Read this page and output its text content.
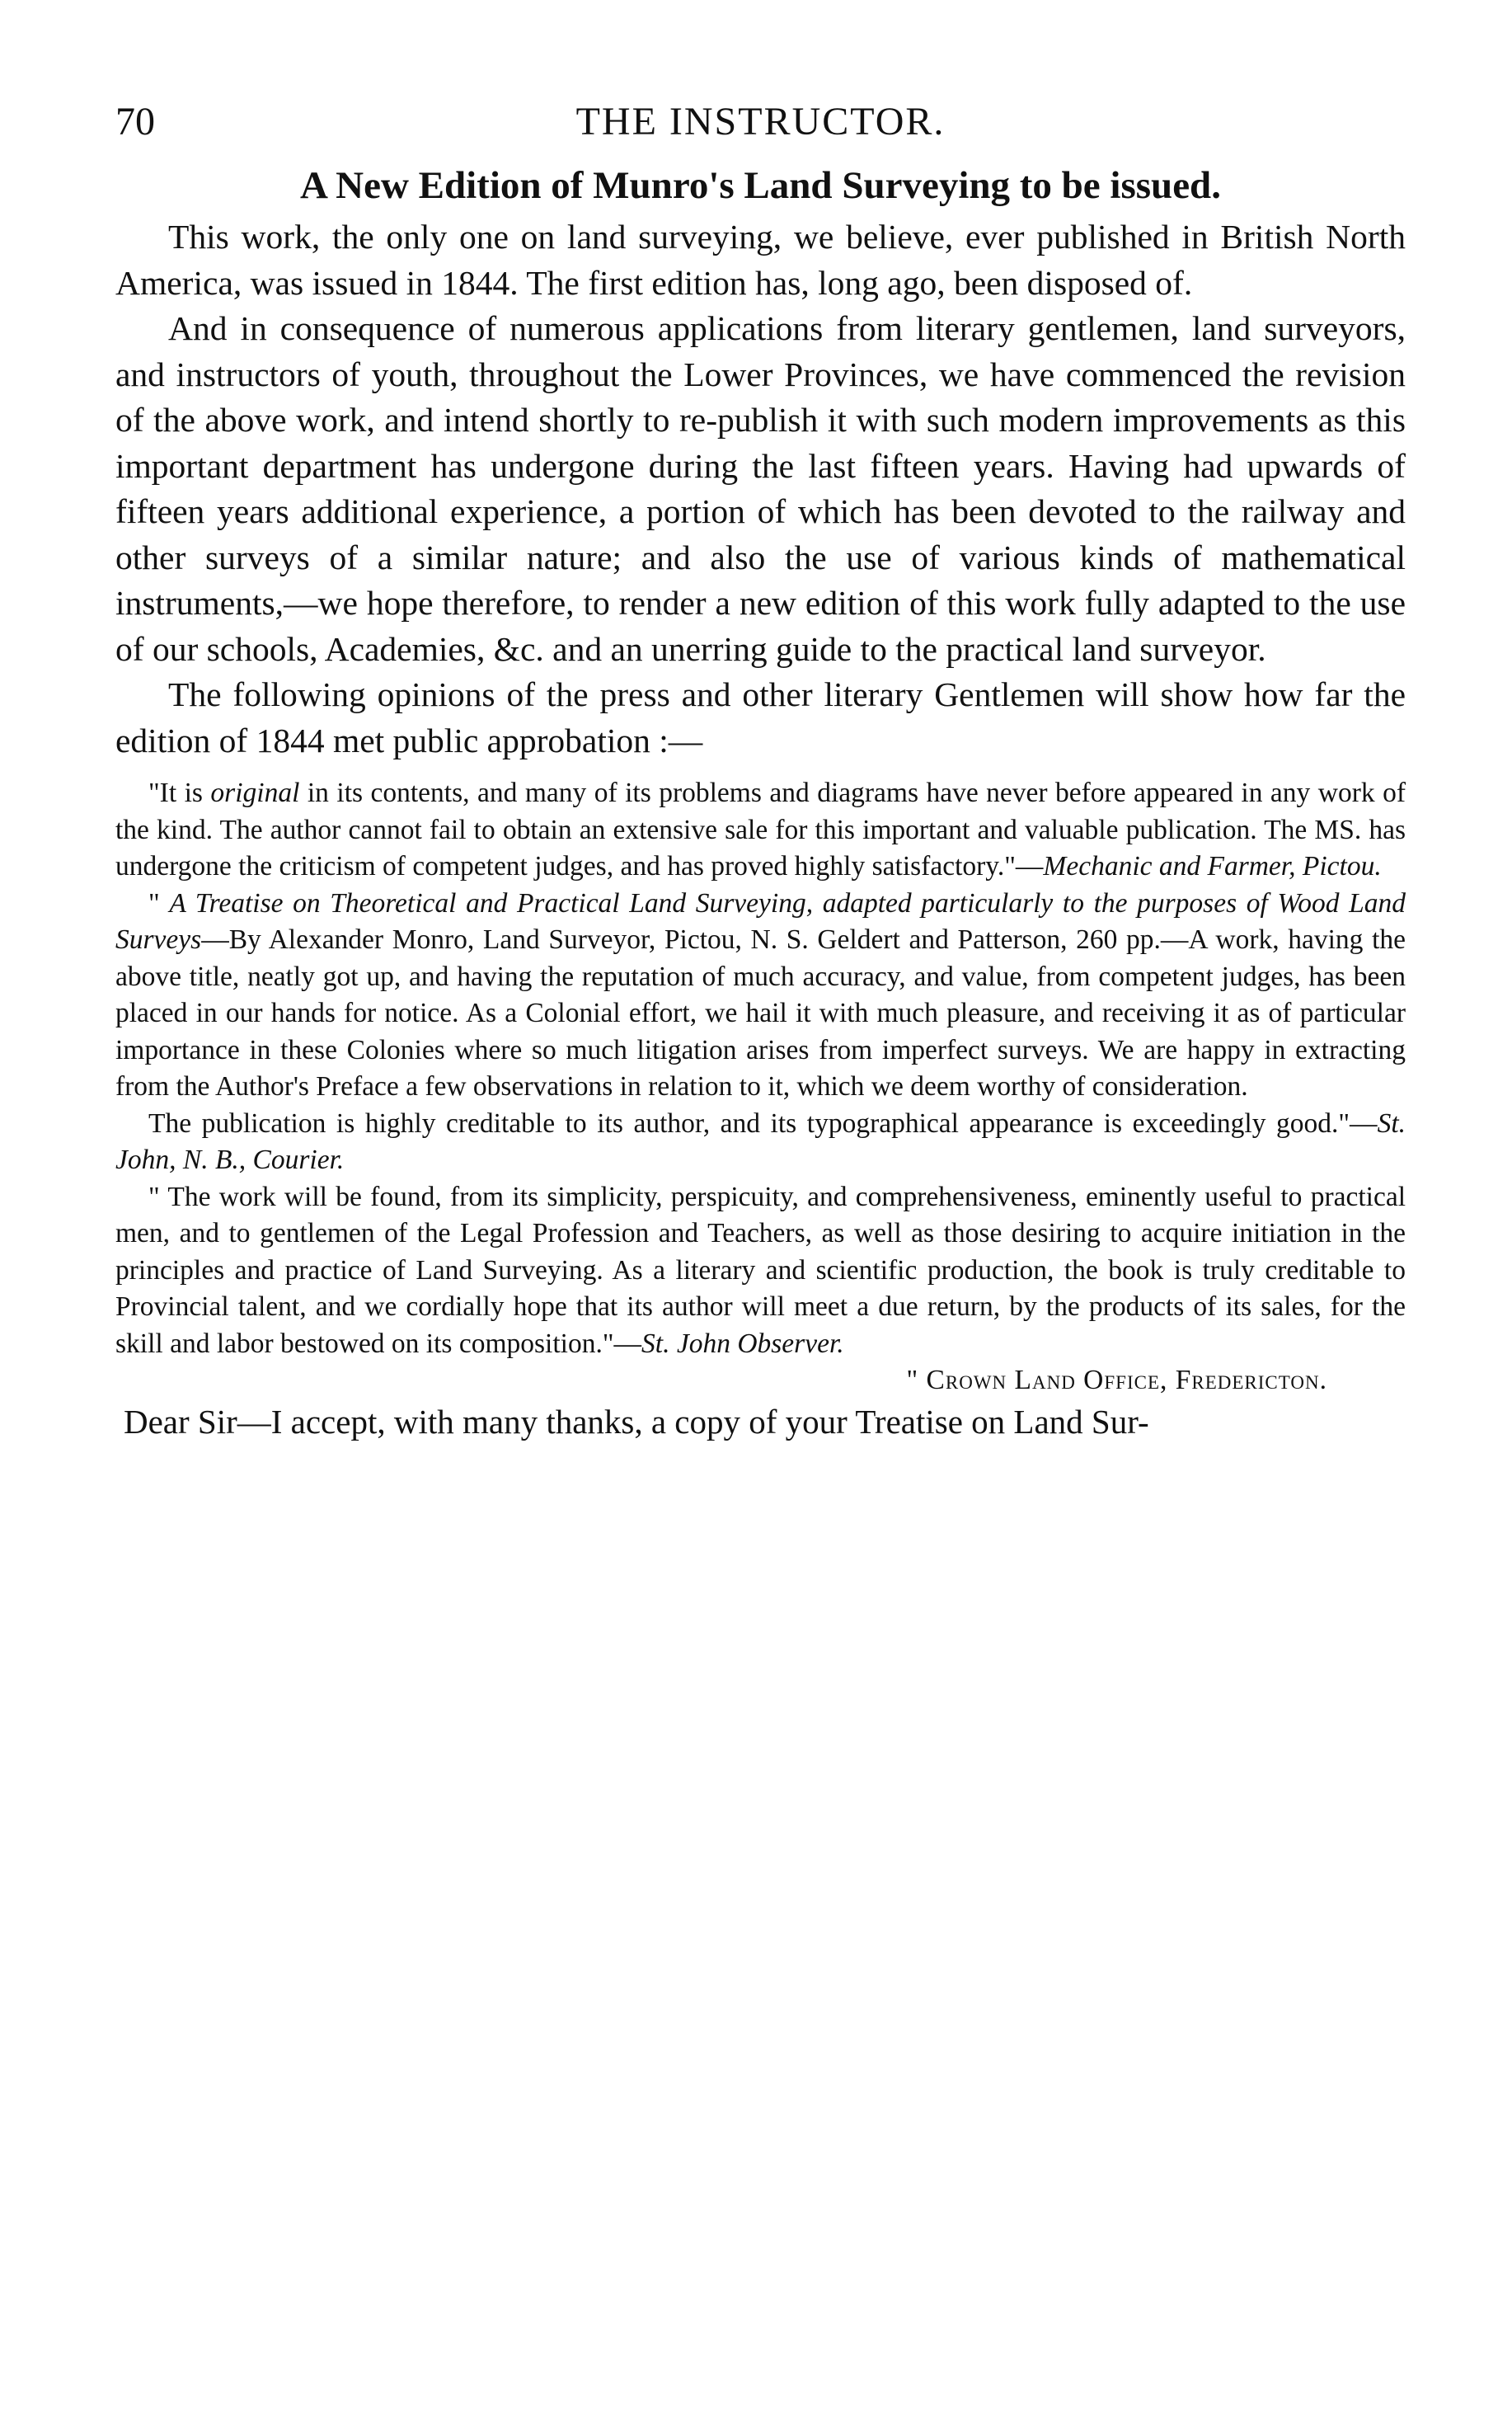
70	THE INSTRUCTOR.
A New Edition of Munro's Land Surveying to be issued.

This work, the only one on land surveying, we believe, ever published in British North America, was issued in 1844. The first edition has, long ago, been disposed of.

And in consequence of numerous applications from literary gentlemen, land surveyors, and instructors of youth, throughout the Lower Provinces, we have commenced the revision of the above work, and intend shortly to re-publish it with such modern improvements as this important department has undergone during the last fifteen years. Having had upwards of fifteen years additional experience, a portion of which has been devoted to the railway and other surveys of a similar nature; and also the use of various kinds of mathematical instruments,—we hope therefore, to render a new edition of this work fully adapted to the use of our schools, Academies, &c. and an unerring guide to the practical land surveyor.

The following opinions of the press and other literary Gentlemen will show how far the edition of 1844 met public approbation :—

"It is original in its contents, and many of its problems and diagrams have never before appeared in any work of the kind. The author cannot fail to obtain an extensive sale for this important and valuable publication. The MS. has undergone the criticism of competent judges, and has proved highly satisfactory."—Mechanic and Farmer, Pictou.

" A Treatise on Theoretical and Practical Land Surveying, adapted particularly to the purposes of Wood Land Surveys—By Alexander Monro, Land Surveyor, Pictou, N. S. Geldert and Patterson, 260 pp.—A work, having the above title, neatly got up, and having the reputation of much accuracy, and value, from competent judges, has been placed in our hands for notice. As a Colonial effort, we hail it with much pleasure, and receiving it as of particular importance in these Colonies where so much litigation arises from imperfect surveys. We are happy in extracting from the Author's Preface a few observations in relation to it, which we deem worthy of consideration.

The publication is highly creditable to its author, and its typographical appearance is exceedingly good."—St. John, N. B., Courier.

" The work will be found, from its simplicity, perspicuity, and comprehensiveness, eminently useful to practical men, and to gentlemen of the Legal Profession and Teachers, as well as those desiring to acquire initiation in the principles and practice of Land Surveying. As a literary and scientific production, the book is truly creditable to Provincial talent, and we cordially hope that its author will meet a due return, by the products of its sales, for the skill and labor bestowed on its composition."—St. John Observer.

" Crown Land Office, Fredericton.

Dear Sir—I accept, with many thanks, a copy of your Treatise on Land Sur-
